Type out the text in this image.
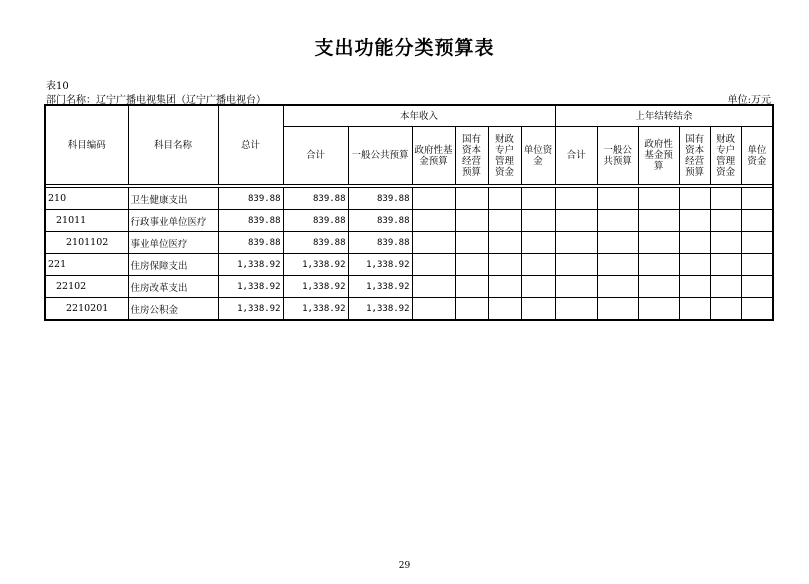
支出功能分类预算表
表10
部门名称：辽宁广播电视集团（辽宁广播电视台）	单位:万元
科目编码	科目名称	总计	本年收入						上年结转结余					
			合计	一般公共预算	政府性基金预算	国有资本经营预算	财政专户管理资金	单位资金	合计	一般公共预算	政府性基金预算	国有资本经营预算	财政专户管理资金	单位资金

210	卫生健康支出	839.88	839.88	839.88										
21011	行政事业单位医疗	839.88	839.88	839.88										
2101102	事业单位医疗	839.88	839.88	839.88										
221	住房保障支出	1,338.92	1,338.92	1,338.92										
22102	住房改革支出	1,338.92	1,338.92	1,338.92										
2210201	住房公积金	1,338.92	1,338.92	1,338.92										
29
